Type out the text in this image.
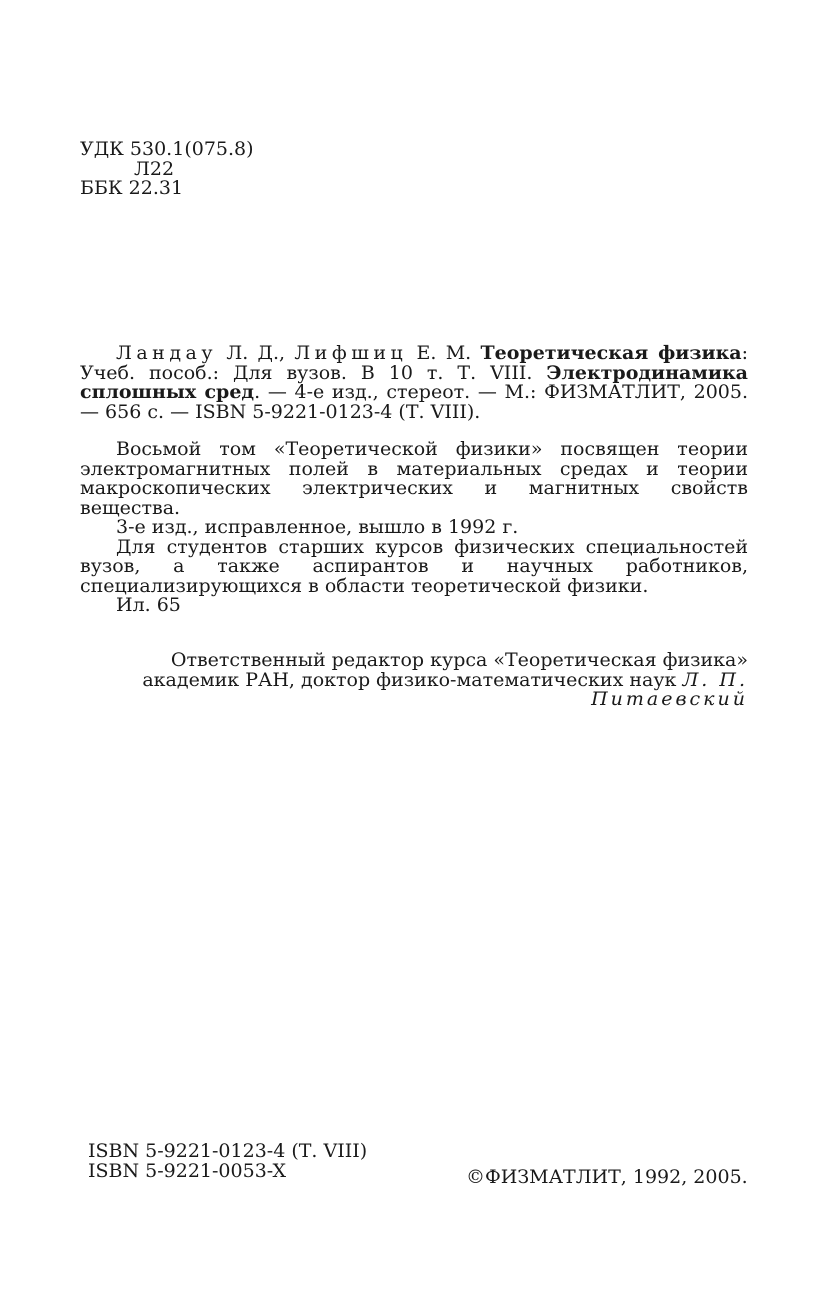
УДК 530.1(075.8)
Л22
ББК 22.31

Ландау Л. Д., Лифшиц Е. М. Теоретическая физика: Учеб. пособ.: Для вузов. В 10 т. Т. VIII. Электродинамика сплошных сред. — 4-е изд., стереот. — М.: ФИЗМАТЛИТ, 2005. — 656 с. — ISBN 5-9221-0123-4 (Т. VIII).

Восьмой том «Теоретической физики» посвящен теории электромагнитных полей в материальных средах и теории макроскопических электрических и магнитных свойств вещества.

3-е изд., исправленное, вышло в 1992 г.

Для студентов старших курсов физических специальностей вузов, а также аспирантов и научных работников, специализирующихся в области теоретической физики.

Ил. 65

Ответственный редактор курса «Теоретическая физика» академик РАН, доктор физико-математических наук Л. П. Питаевский

ISBN 5-9221-0123-4 (Т. VIII)
ISBN 5-9221-0053-X	©ФИЗМАТЛИТ, 1992, 2005.
